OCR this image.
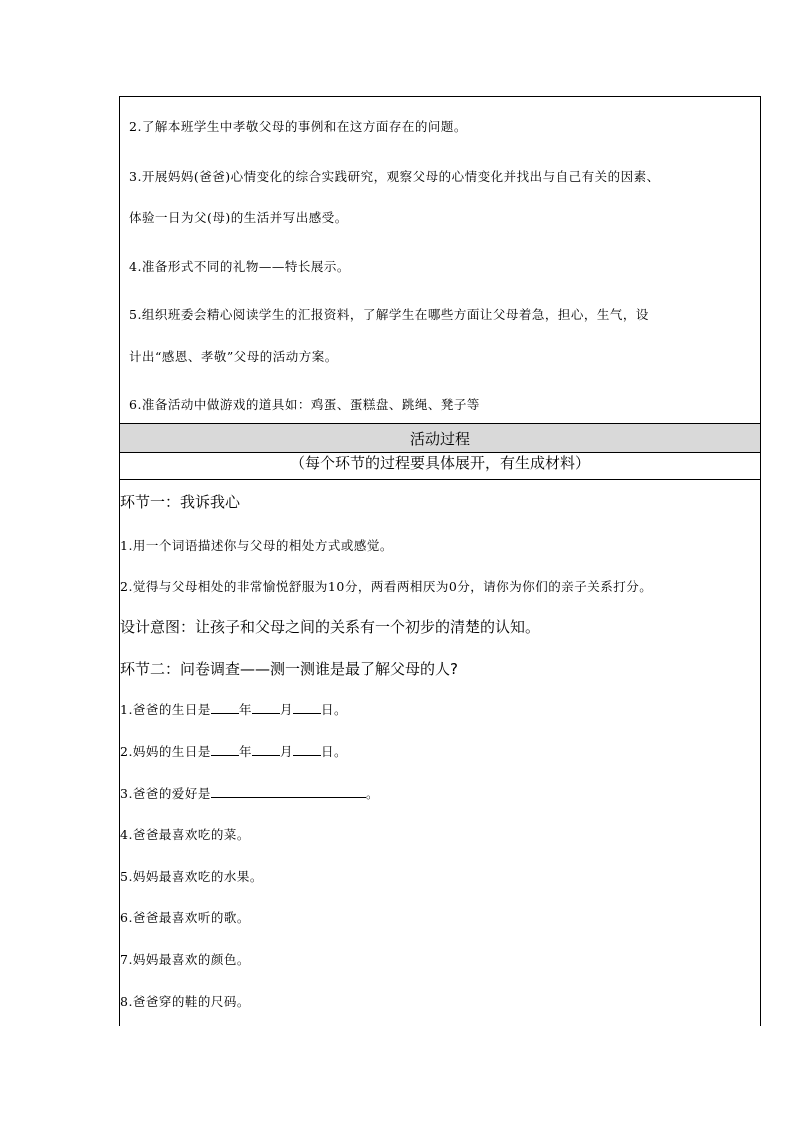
2.了解本班学生中孝敬父母的事例和在这方面存在的问题。
3.开展妈妈(爸爸)心情变化的综合实践研究，观察父母的心情变化并找出与自己有关的因素、
体验一日为父(母)的生活并写出感受。
4.准备形式不同的礼物——特长展示。
5.组织班委会精心阅读学生的汇报资料，了解学生在哪些方面让父母着急，担心，生气，设
计出“感恩、孝敬”父母的活动方案。
6.准备活动中做游戏的道具如：鸡蛋、蛋糕盘、跳绳、凳子等
活动过程
（每个环节的过程要具体展开，有生成材料）
环节一：我诉我心
1.用一个词语描述你与父母的相处方式或感觉。
2.觉得与父母相处的非常愉悦舒服为10分，两看两相厌为0分，请你为你们的亲子关系打分。
设计意图：让孩子和父母之间的关系有一个初步的清楚的认知。
环节二：问卷调查——测一测谁是最了解父母的人?
1.爸爸的生日是 年 月 日。
2.妈妈的生日是 年 月 日。
3.爸爸的爱好是	。
4.爸爸最喜欢吃的菜。
5.妈妈最喜欢吃的水果。
6.爸爸最喜欢听的歌。
7.妈妈最喜欢的颜色。
8.爸爸穿的鞋的尺码。
